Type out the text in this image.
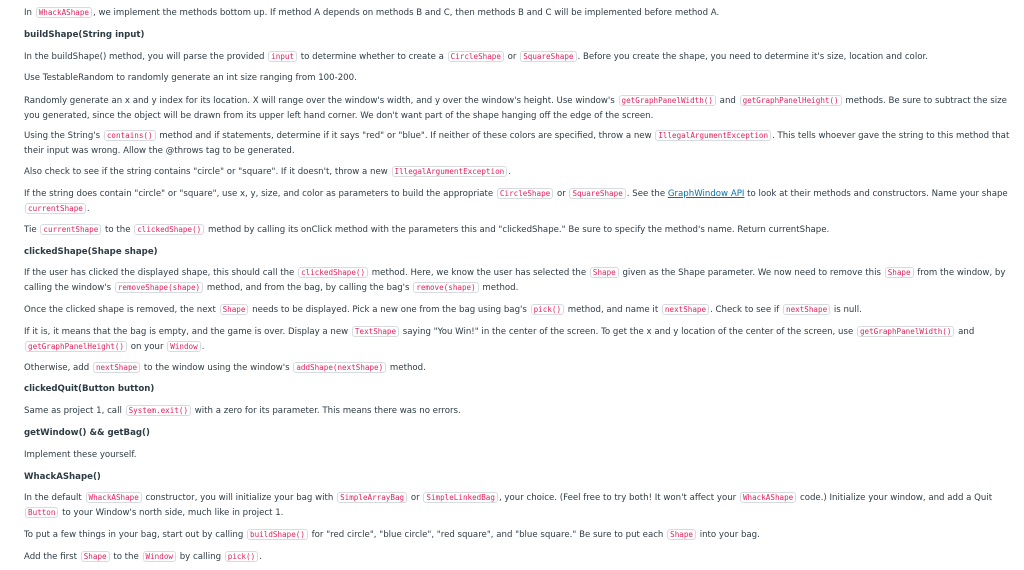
In WhackAShape , we implement the methods bottom up. If method A depends on methods B and C, then methods B and C will be implemented before method A.
buildShape(String input)
In the buildShape() method, you will parse the provided input to determine whether to create a CircleShape or SquareShape . Before you create the shape, you need to determine it's size, location and color.
Use TestableRandom to randomly generate an int size ranging from 100-200.
Randomly generate an x and y index for its location. X will range over the window's width, and y over the window's height. Use window's getGraphPanelWidth() and getGraphPanelHeight() methods. Be sure to subtract the size you generated, since the object will be drawn from its upper left hand corner. We don't want part of the shape hanging off the edge of the screen.
Using the String's contains() method and if statements, determine if it says "red" or "blue". If neither of these colors are specified, throw a new IllegalArgumentException . This tells whoever gave the string to this method that their input was wrong. Allow the @throws tag to be generated.
Also check to see if the string contains "circle" or "square". If it doesn't, throw a new IllegalArgumentException .
If the string does contain "circle" or "square", use x, y, size, and color as parameters to build the appropriate CircleShape or SquareShape . See the GraphWindow API to look at their methods and constructors. Name your shape currentShape .
Tie currentShape to the clickedShape() method by calling its onClick method with the parameters this and "clickedShape." Be sure to specify the method's name. Return currentShape.
clickedShape(Shape shape)
If the user has clicked the displayed shape, this should call the clickedShape() method. Here, we know the user has selected the Shape given as the Shape parameter. We now need to remove this Shape from the window, by calling the window's removeShape(shape) method, and from the bag, by calling the bag's remove(shape) method.
Once the clicked shape is removed, the next Shape needs to be displayed. Pick a new one from the bag using bag's pick() method, and name it nextShape . Check to see if nextShape is null.
If it is, it means that the bag is empty, and the game is over. Display a new TextShape saying "You Win!" in the center of the screen. To get the x and y location of the center of the screen, use getGraphPanelWidth() and getGraphPanelHeight() on your Window .
Otherwise, add nextShape to the window using the window's addShape(nextShape) method.
clickedQuit(Button button)
Same as project 1, call System.exit() with a zero for its parameter. This means there was no errors.
getWindow() && getBag()
Implement these yourself.
WhackAShape()
In the default WhackAShape constructor, you will initialize your bag with SimpleArrayBag or SimpleLinkedBag , your choice. (Feel free to try both! It won't affect your WhackAShape code.) Initialize your window, and add a Quit Button to your Window's north side, much like in project 1.
To put a few things in your bag, start out by calling buildShape() for "red circle", "blue circle", "red square", and "blue square." Be sure to put each Shape into your bag.
Add the first Shape to the Window by calling pick() .
